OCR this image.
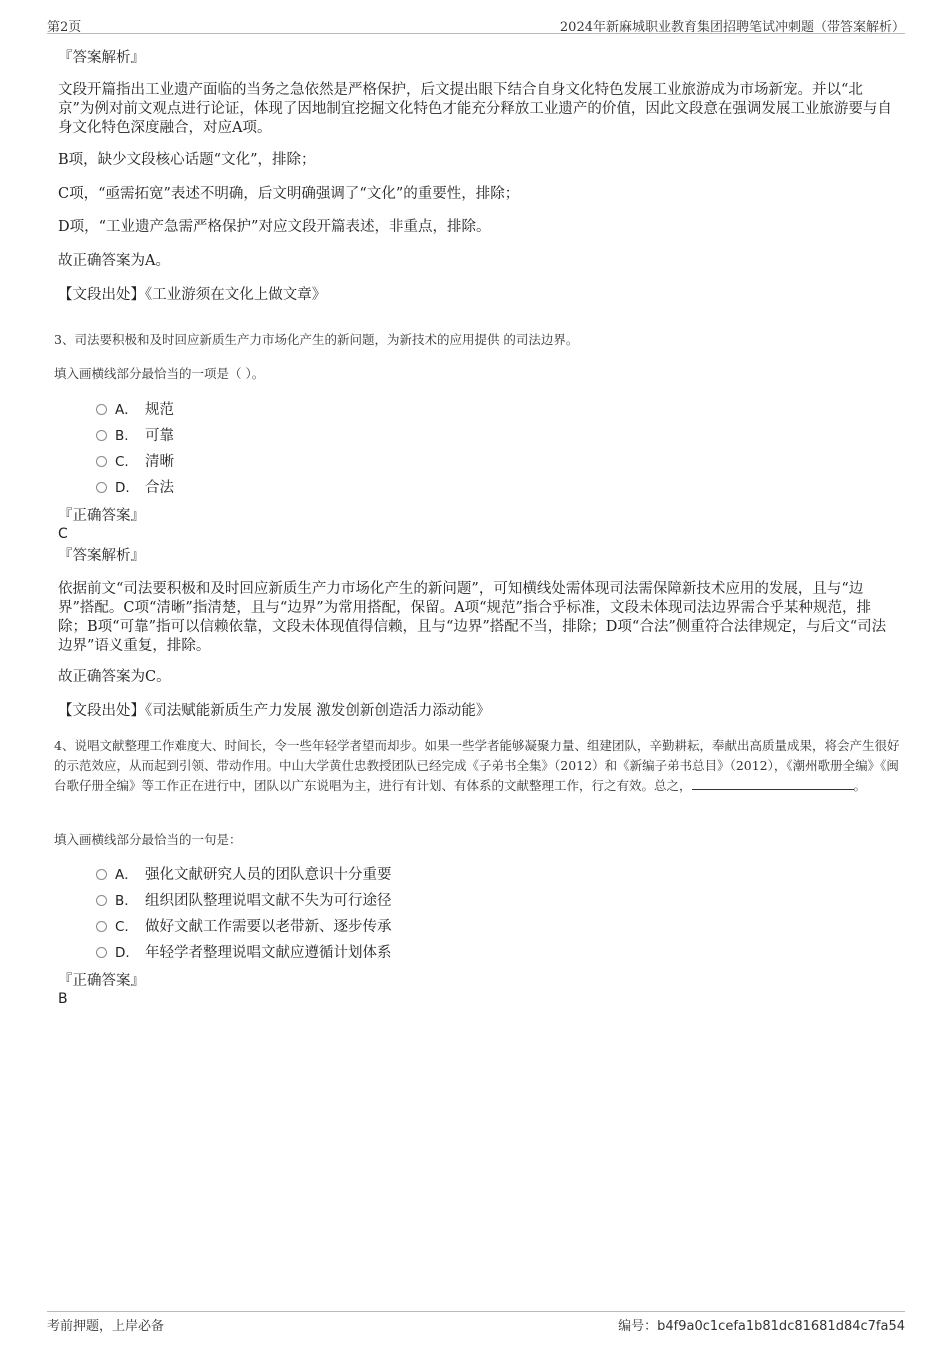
第2页	2024年新麻城职业教育集团招聘笔试冲刺题（带答案解析）
『答案解析』
文段开篇指出工业遗产面临的当务之急依然是严格保护，后文提出眼下结合自身文化特色发展工业旅游成为市场新宠。并以“北京”为例对前文观点进行论证，体现了因地制宜挖掘文化特色才能充分释放工业遗产的价值，因此文段意在强调发展工业旅游要与自身文化特色深度融合，对应A项。
B项，缺少文段核心话题“文化”，排除；
C项，“亟需拓宽”表述不明确，后文明确强调了“文化”的重要性，排除；
D项，“工业遗产急需严格保护”对应文段开篇表述，非重点，排除。
故正确答案为A。
【文段出处】《工业游须在文化上做文章》
3、司法要积极和及时回应新质生产力市场化产生的新问题，为新技术的应用提供 的司法边界。
填入画横线部分最恰当的一项是（ ）。
A． 规范
B. 可靠
C. 清晰
D. 合法
『正确答案』
C
『答案解析』
依据前文“司法要积极和及时回应新质生产力市场化产生的新问题”，可知横线处需体现司法需保障新技术应用的发展，且与“边界”搭配。C项“清晰”指清楚，且与“边界”为常用搭配，保留。A项“规范”指合乎标准，文段未体现司法边界需合乎某种规范，排除；B项“可靠”指可以信赖依靠，文段未体现值得信赖，且与“边界”搭配不当，排除；D项“合法”侧重符合法律规定，与后文“司法边界”语义重复，排除。
故正确答案为C。
【文段出处】《司法赋能新质生产力发展 激发创新创造活力添动能》
4、说唱文献整理工作难度大、时间长，令一些年轻学者望而却步。如果一些学者能够凝聚力量、组建团队，辛勤耕耘，奉献出高质量成果，将会产生很好的示范效应，从而起到引领、带动作用。中山大学黄仕忠教授团队已经完成《子弟书全集》（2012）和《新编子弟书总目》（2012），《潮州歌册全编》《闽台歌仔册全编》等工作正在进行中，团队以广东说唱为主，进行有计划、有体系的文献整理工作，行之有效。总之，	。
填入画横线部分最恰当的一句是：
A． 强化文献研究人员的团队意识十分重要
B. 组织团队整理说唱文献不失为可行途径
C. 做好文献工作需要以老带新、逐步传承
D. 年轻学者整理说唱文献应遵循计划体系
『正确答案』
B
考前押题，上岸必备	编号：b4f9a0c1cefa1b81dc81681d84c7fa54
